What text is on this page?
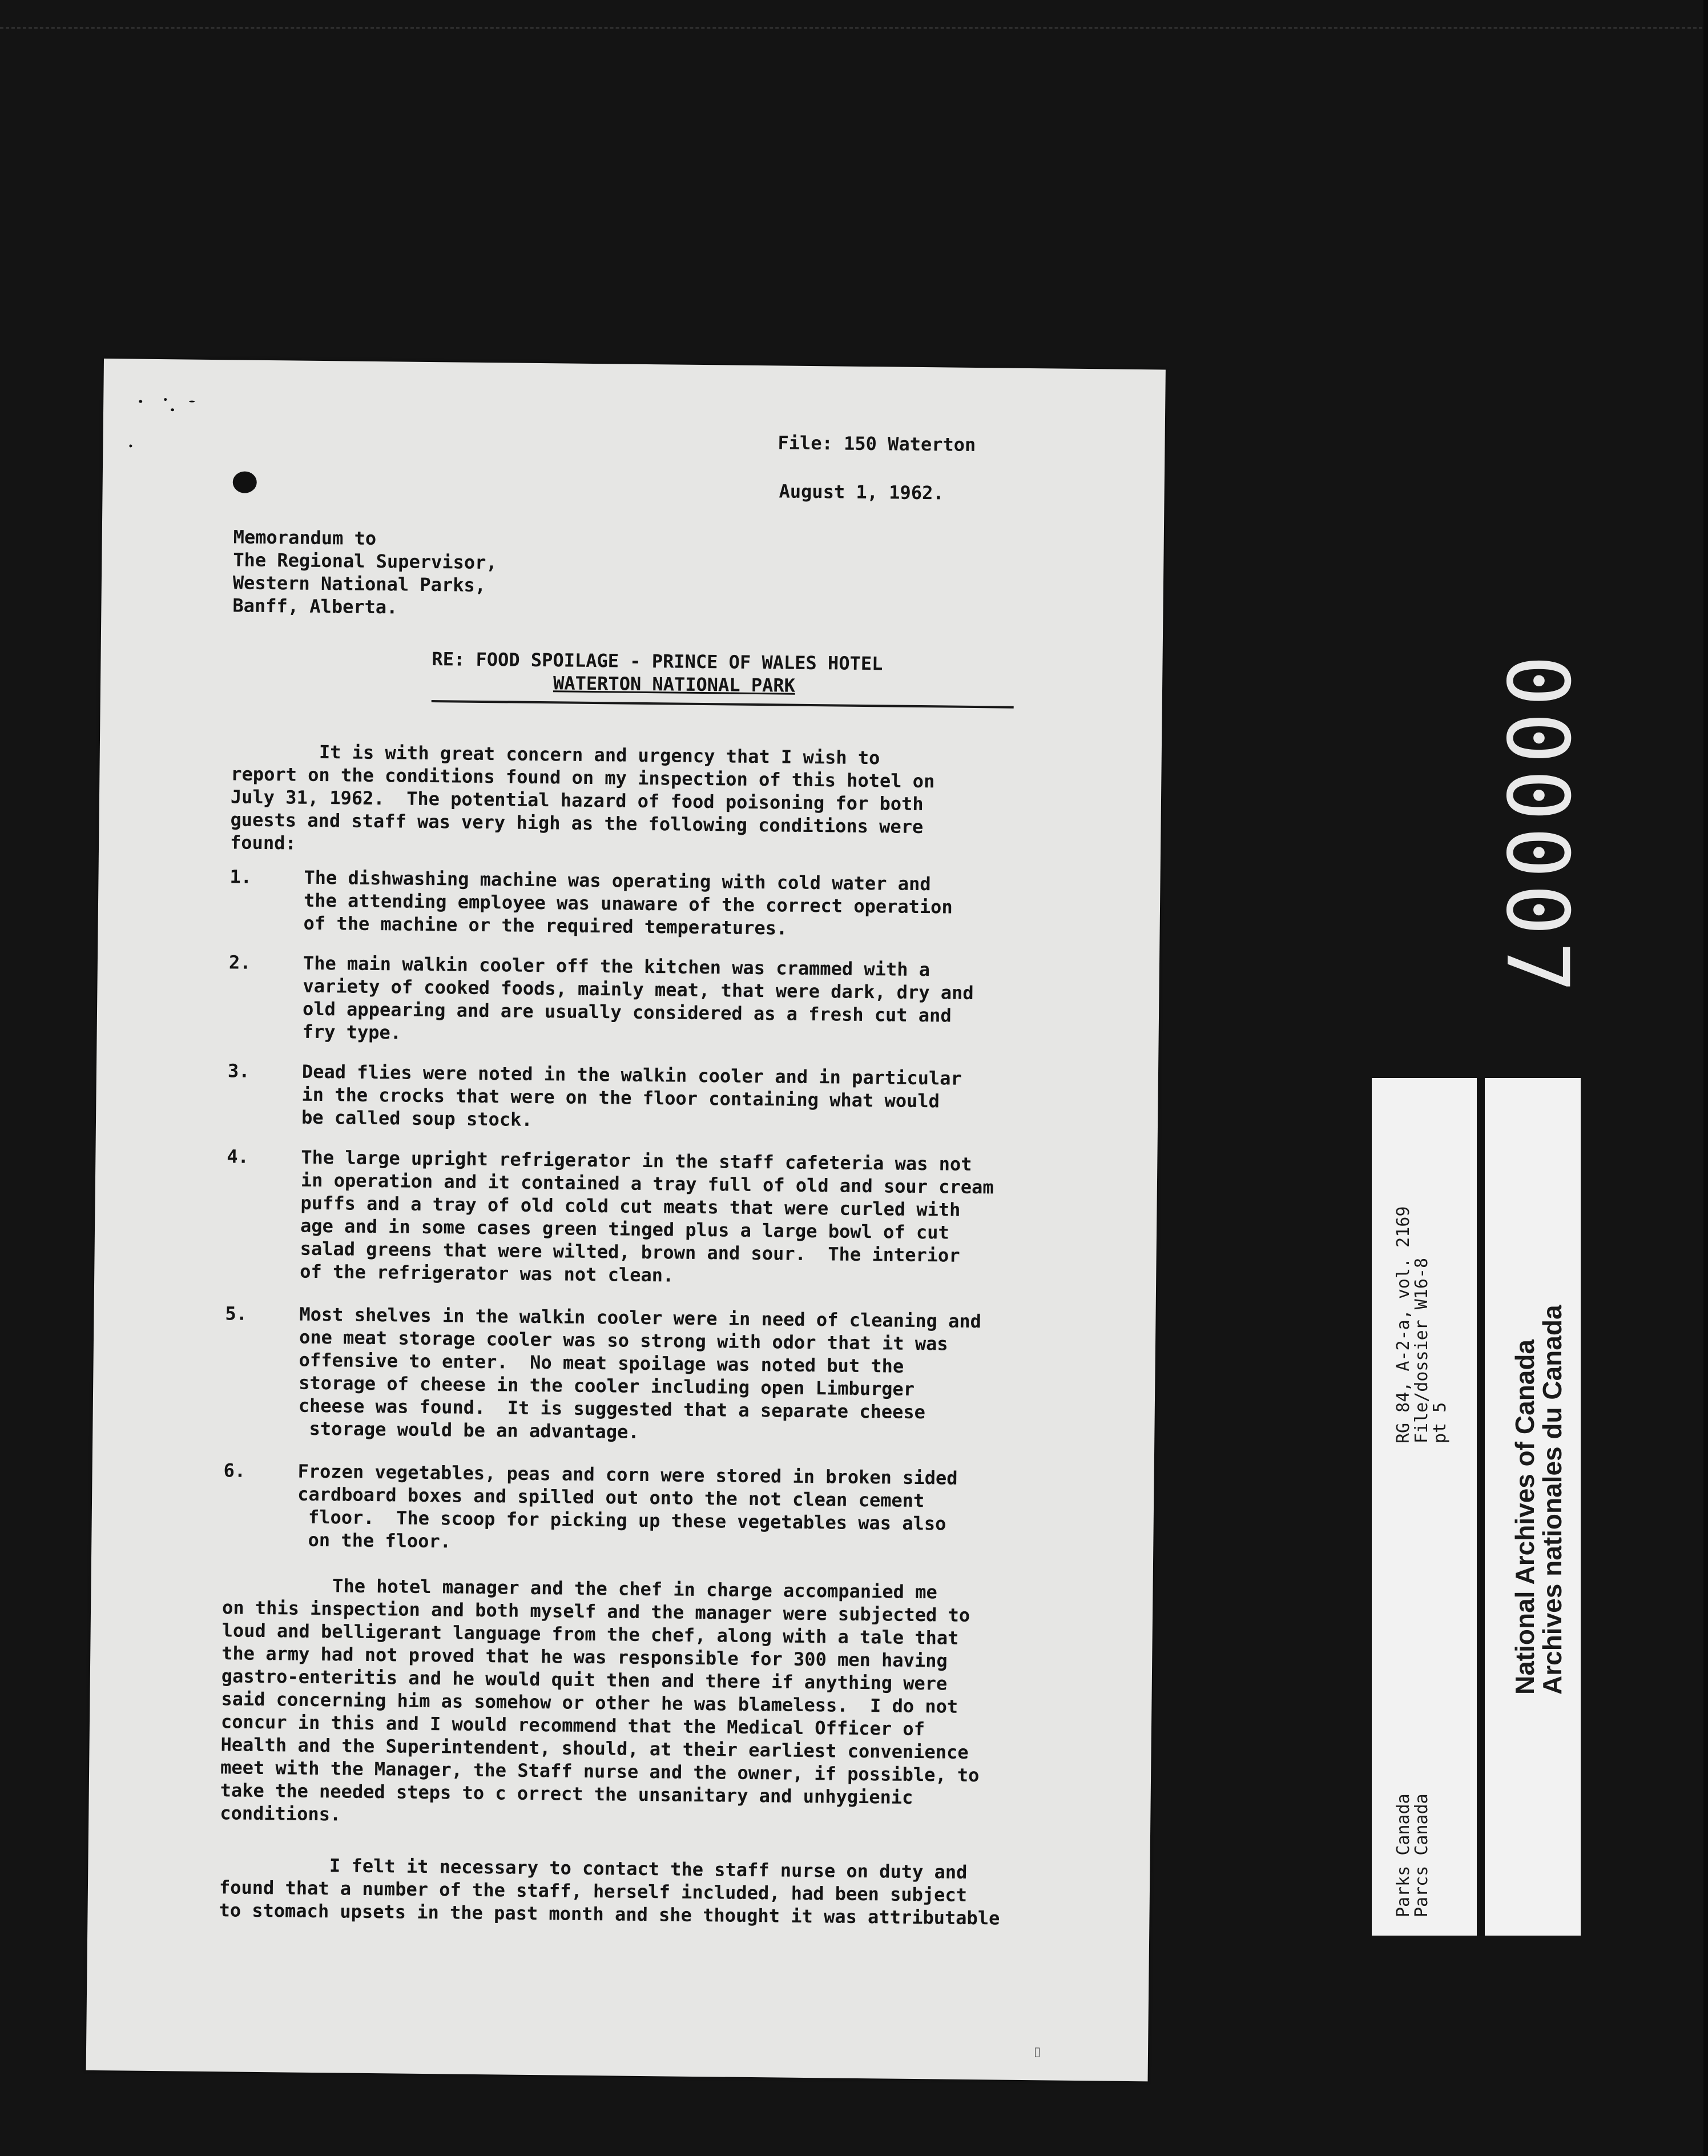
File: 150 Waterton
August 1, 1962.
Memorandum to
The Regional Supervisor,
Western National Parks,
Banff, Alberta.
RE: FOOD SPOILAGE - PRINCE OF WALES HOTEL
WATERTON NATIONAL PARK
It is with great concern and urgency that I wish to
report on the conditions found on my inspection of this hotel on
July 31, 1962.  The potential hazard of food poisoning for both
guests and staff was very high as the following conditions were
found:
1.	The dishwashing machine was operating with cold water and
the attending employee was unaware of the correct operation
of the machine or the required temperatures.
2.	The main walkin cooler off the kitchen was crammed with a
variety of cooked foods, mainly meat, that were dark, dry and
old appearing and are usually considered as a fresh cut and
fry type.
3.	Dead flies were noted in the walkin cooler and in particular
in the crocks that were on the floor containing what would
be called soup stock.
4.	The large upright refrigerator in the staff cafeteria was not
in operation and it contained a tray full of old and sour cream
puffs and a tray of old cold cut meats that were curled with
age and in some cases green tinged plus a large bowl of cut
salad greens that were wilted, brown and sour.  The interior
of the refrigerator was not clean.
5.	Most shelves in the walkin cooler were in need of cleaning and
one meat storage cooler was so strong with odor that it was
offensive to enter.  No meat spoilage was noted but the
storage of cheese in the cooler including open Limburger
cheese was found.  It is suggested that a separate cheese
storage would be an advantage.
6.	Frozen vegetables, peas and corn were stored in broken sided
cardboard boxes and spilled out onto the not clean cement
floor.  The scoop for picking up these vegetables was also
on the floor.
The hotel manager and the chef in charge accompanied me
on this inspection and both myself and the manager were subjected to
loud and belligerant language from the chef, along with a tale that
the army had not proved that he was responsible for 300 men having
gastro-enteritis and he would quit then and there if anything were
said concerning him as somehow or other he was blameless.  I do not
concur in this and I would recommend that the Medical Officer of
Health and the Superintendent, should, at their earliest convenience
meet with the Manager, the Staff nurse and the owner, if possible, to
take the needed steps to c orrect the unsanitary and unhygienic
conditions.
I felt it necessary to contact the staff nurse on duty and
found that a number of the staff, herself included, had been subject
to stomach upsets in the past month and she thought it was attributable
▯
000007
RG 84, A-2-a, vol. 2169
File/dossier W16-8
pt 5
Parks Canada
Parcs Canada
National Archives of Canada
Archives nationales du Canada
